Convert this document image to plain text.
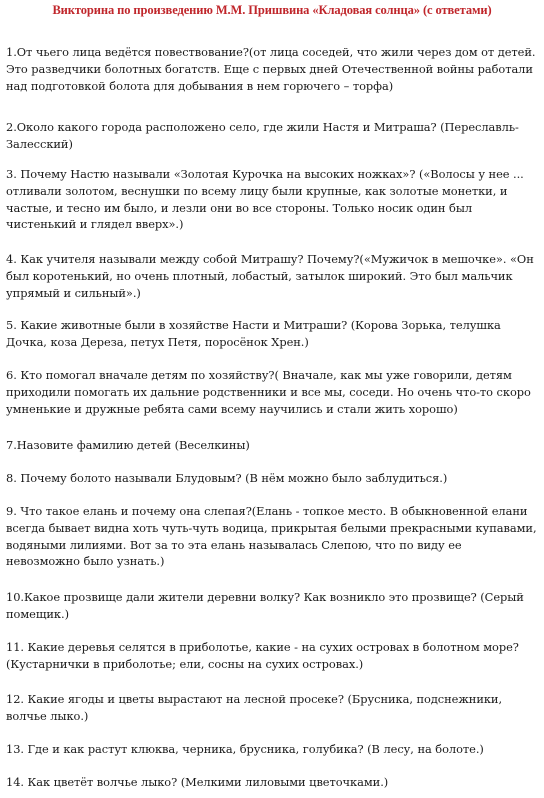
Викторина по произведению М.М. Пришвина «Кладовая солнца» (с ответами)

1.От чьего лица ведётся повествование?(от лица соседей, что жили через дом от детей. Это разведчики болотных богатств. Еще с первых дней Отечественной войны работали над подготовкой болота для добывания в нем горючего – торфа)

2.Около какого города расположено село, где жили Настя и Митраша? (Переславль-Залесский)

3. Почему Настю называли «Золотая Курочка на высоких ножках»? («Волосы у нее ... отливали золотом, веснушки по всему лицу были крупные, как золотые монетки, и частые, и тесно им было, и лезли они во все стороны. Только носик один был чистенький и глядел вверх».)

4. Как учителя называли между собой Митрашу? Почему?(«Мужичок в мешочке». «Он был коротенький, но очень плотный, лобастый, затылок широкий. Это был мальчик упрямый и сильный».)

5. Какие животные были в хозяйстве Насти и Митраши? (Корова Зорька, телушка Дочка, коза Дереза, петух Петя, поросёнок Хрен.)

6. Кто помогал вначале детям по хозяйству?( Вначале, как мы уже говорили, детям приходили помогать их дальние родственники и все мы, соседи. Но очень что-то скоро умненькие и дружные ребята сами всему научились и стали жить хорошо)

7.Назовите фамилию детей (Веселкины)

8. Почему болото называли Блудовым? (В нём можно было заблудиться.)

9. Что такое елань и почему она слепая?(Елань - топкое место. В обыкновенной елани всегда бывает видна хоть чуть-чуть водица, прикрытая белыми прекрасными купавами, водяными лилиями. Вот за то эта елань называлась Слепою, что по виду ее невозможно было узнать.)

10.Какое прозвище дали жители деревни волку? Как возникло это прозвище? (Серый помещик.)

11. Какие деревья селятся в приболотье, какие - на сухих островах в болотном море?(Кустарнички в приболотье; ели, сосны на сухих островах.)

12. Какие ягоды и цветы вырастают на лесной просеке? (Брусника, подснежники, волчье лыко.)

13. Где и как растут клюква, черника, брусника, голубика? (В лесу, на болоте.)

14. Как цветёт волчье лыко? (Мелкими лиловыми цветочками.)
